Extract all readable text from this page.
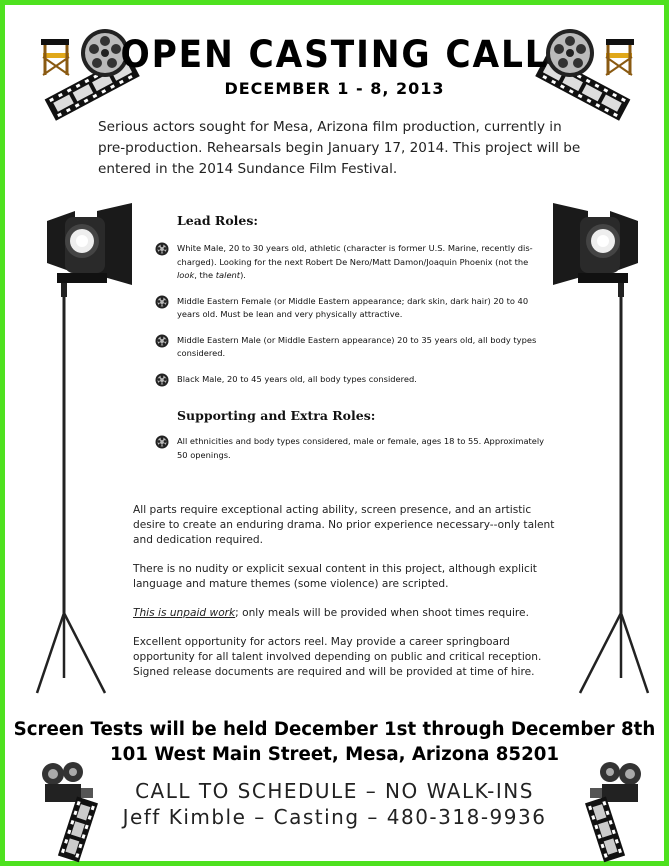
OPEN CASTING CALL
DECEMBER 1 - 8, 2013
Serious actors sought for Mesa, Arizona film production, currently in pre-production. Rehearsals begin January 17, 2014. This project will be entered in the 2014 Sundance Film Festival.
Lead Roles:
White Male, 20 to 30 years old, athletic (character is former U.S. Marine, recently dis-charged). Looking for the next Robert De Nero/Matt Damon/Joaquin Phoenix (not the look, the talent).
Middle Eastern Female (or Middle Eastern appearance; dark skin, dark hair) 20 to 40 years old. Must be lean and very physically attractive.
Middle Eastern Male (or Middle Eastern appearance) 20 to 35 years old, all body types considered.
Black Male, 20 to 45 years old, all body types considered.
Supporting and Extra Roles:
All ethnicities and body types considered, male or female, ages 18 to 55. Approximately 50 openings.

All parts require exceptional acting ability, screen presence, and an artistic desire to create an enduring drama. No prior experience necessary--only talent and dedication required.

There is no nudity or explicit sexual content in this project, although explicit language and mature themes (some violence) are scripted.

This is unpaid work; only meals will be provided when shoot times require.

Excellent opportunity for actors reel. May provide a career springboard opportunity for all talent involved depending on public and critical reception. Signed release documents are required and will be provided at time of hire.

Screen Tests will be held December 1st through December 8th
101 West Main Street, Mesa, Arizona 85201
CALL TO SCHEDULE – NO WALK-INS
Jeff Kimble – Casting – 480-318-9936
